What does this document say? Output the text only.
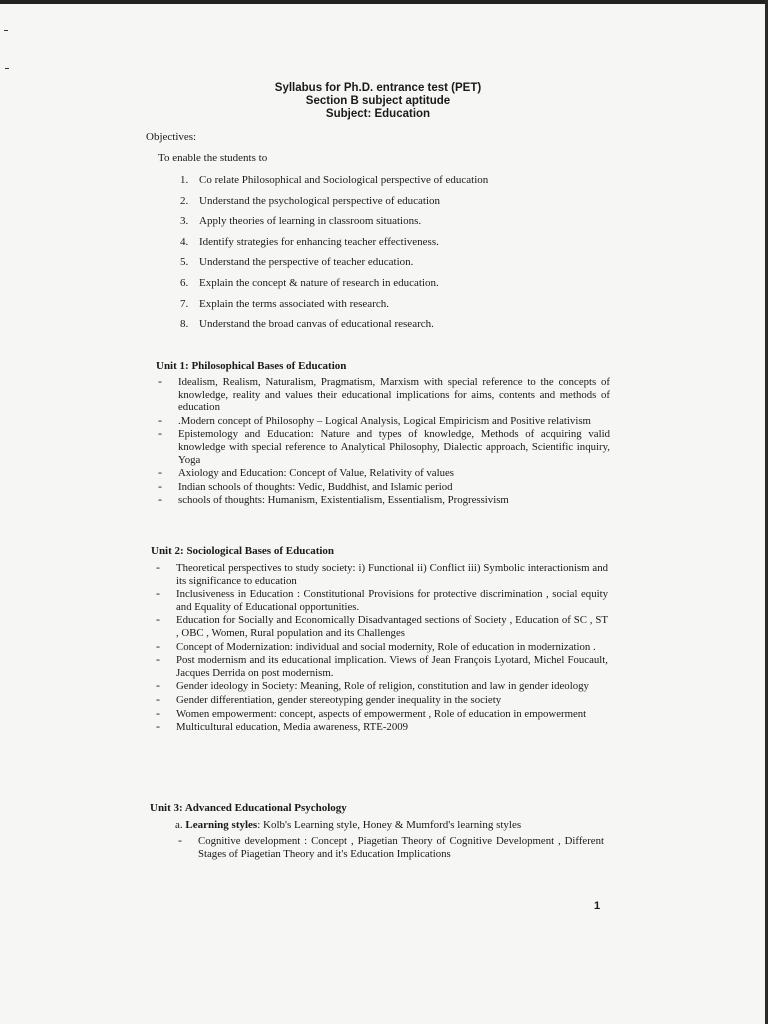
Syllabus for Ph.D. entrance test (PET)
Section B subject aptitude
Subject: Education
Objectives:
To enable the students to
1. Co relate Philosophical and Sociological perspective of education
2. Understand the psychological perspective of education
3. Apply theories of learning in classroom situations.
4. Identify strategies for enhancing teacher effectiveness.
5. Understand the perspective of teacher education.
6. Explain the concept & nature of research in education.
7. Explain the terms associated with research.
8. Understand the broad canvas of educational research.
Unit 1: Philosophical Bases of Education
- Idealism, Realism, Naturalism, Pragmatism, Marxism with special reference to the concepts of knowledge, reality and values their educational implications for aims, contents and methods of education
- .Modern concept of Philosophy – Logical Analysis, Logical Empiricism and Positive relativism
- Epistemology and Education: Nature and types of knowledge, Methods of acquiring valid knowledge with special reference to Analytical Philosophy, Dialectic approach, Scientific inquiry, Yoga
- Axiology and Education: Concept of Value, Relativity of values
- Indian schools of thoughts: Vedic, Buddhist, and Islamic period
- schools of thoughts: Humanism, Existentialism, Essentialism, Progressivism
Unit 2: Sociological Bases of Education
- Theoretical perspectives to study society: i) Functional ii) Conflict iii) Symbolic interactionism and its significance to education
- Inclusiveness in Education : Constitutional Provisions for protective discrimination , social equity and Equality of Educational opportunities.
- Education for Socially and Economically Disadvantaged sections of Society , Education of SC , ST , OBC , Women, Rural population and its Challenges
- Concept of Modernization: individual and social modernity, Role of education in modernization .
- Post modernism and its educational implication. Views of Jean François Lyotard, Michel Foucault, Jacques Derrida on post modernism.
- Gender ideology in Society: Meaning, Role of religion, constitution and law in gender ideology
- Gender differentiation, gender stereotyping gender inequality in the society
- Women empowerment: concept, aspects of empowerment , Role of education in empowerment
- Multicultural education, Media awareness, RTE-2009
Unit 3: Advanced Educational Psychology
a. Learning styles: Kolb's Learning style, Honey & Mumford's learning styles
- Cognitive development : Concept , Piagetian Theory of Cognitive Development , Different Stages of Piagetian Theory and it's Education Implications
1
